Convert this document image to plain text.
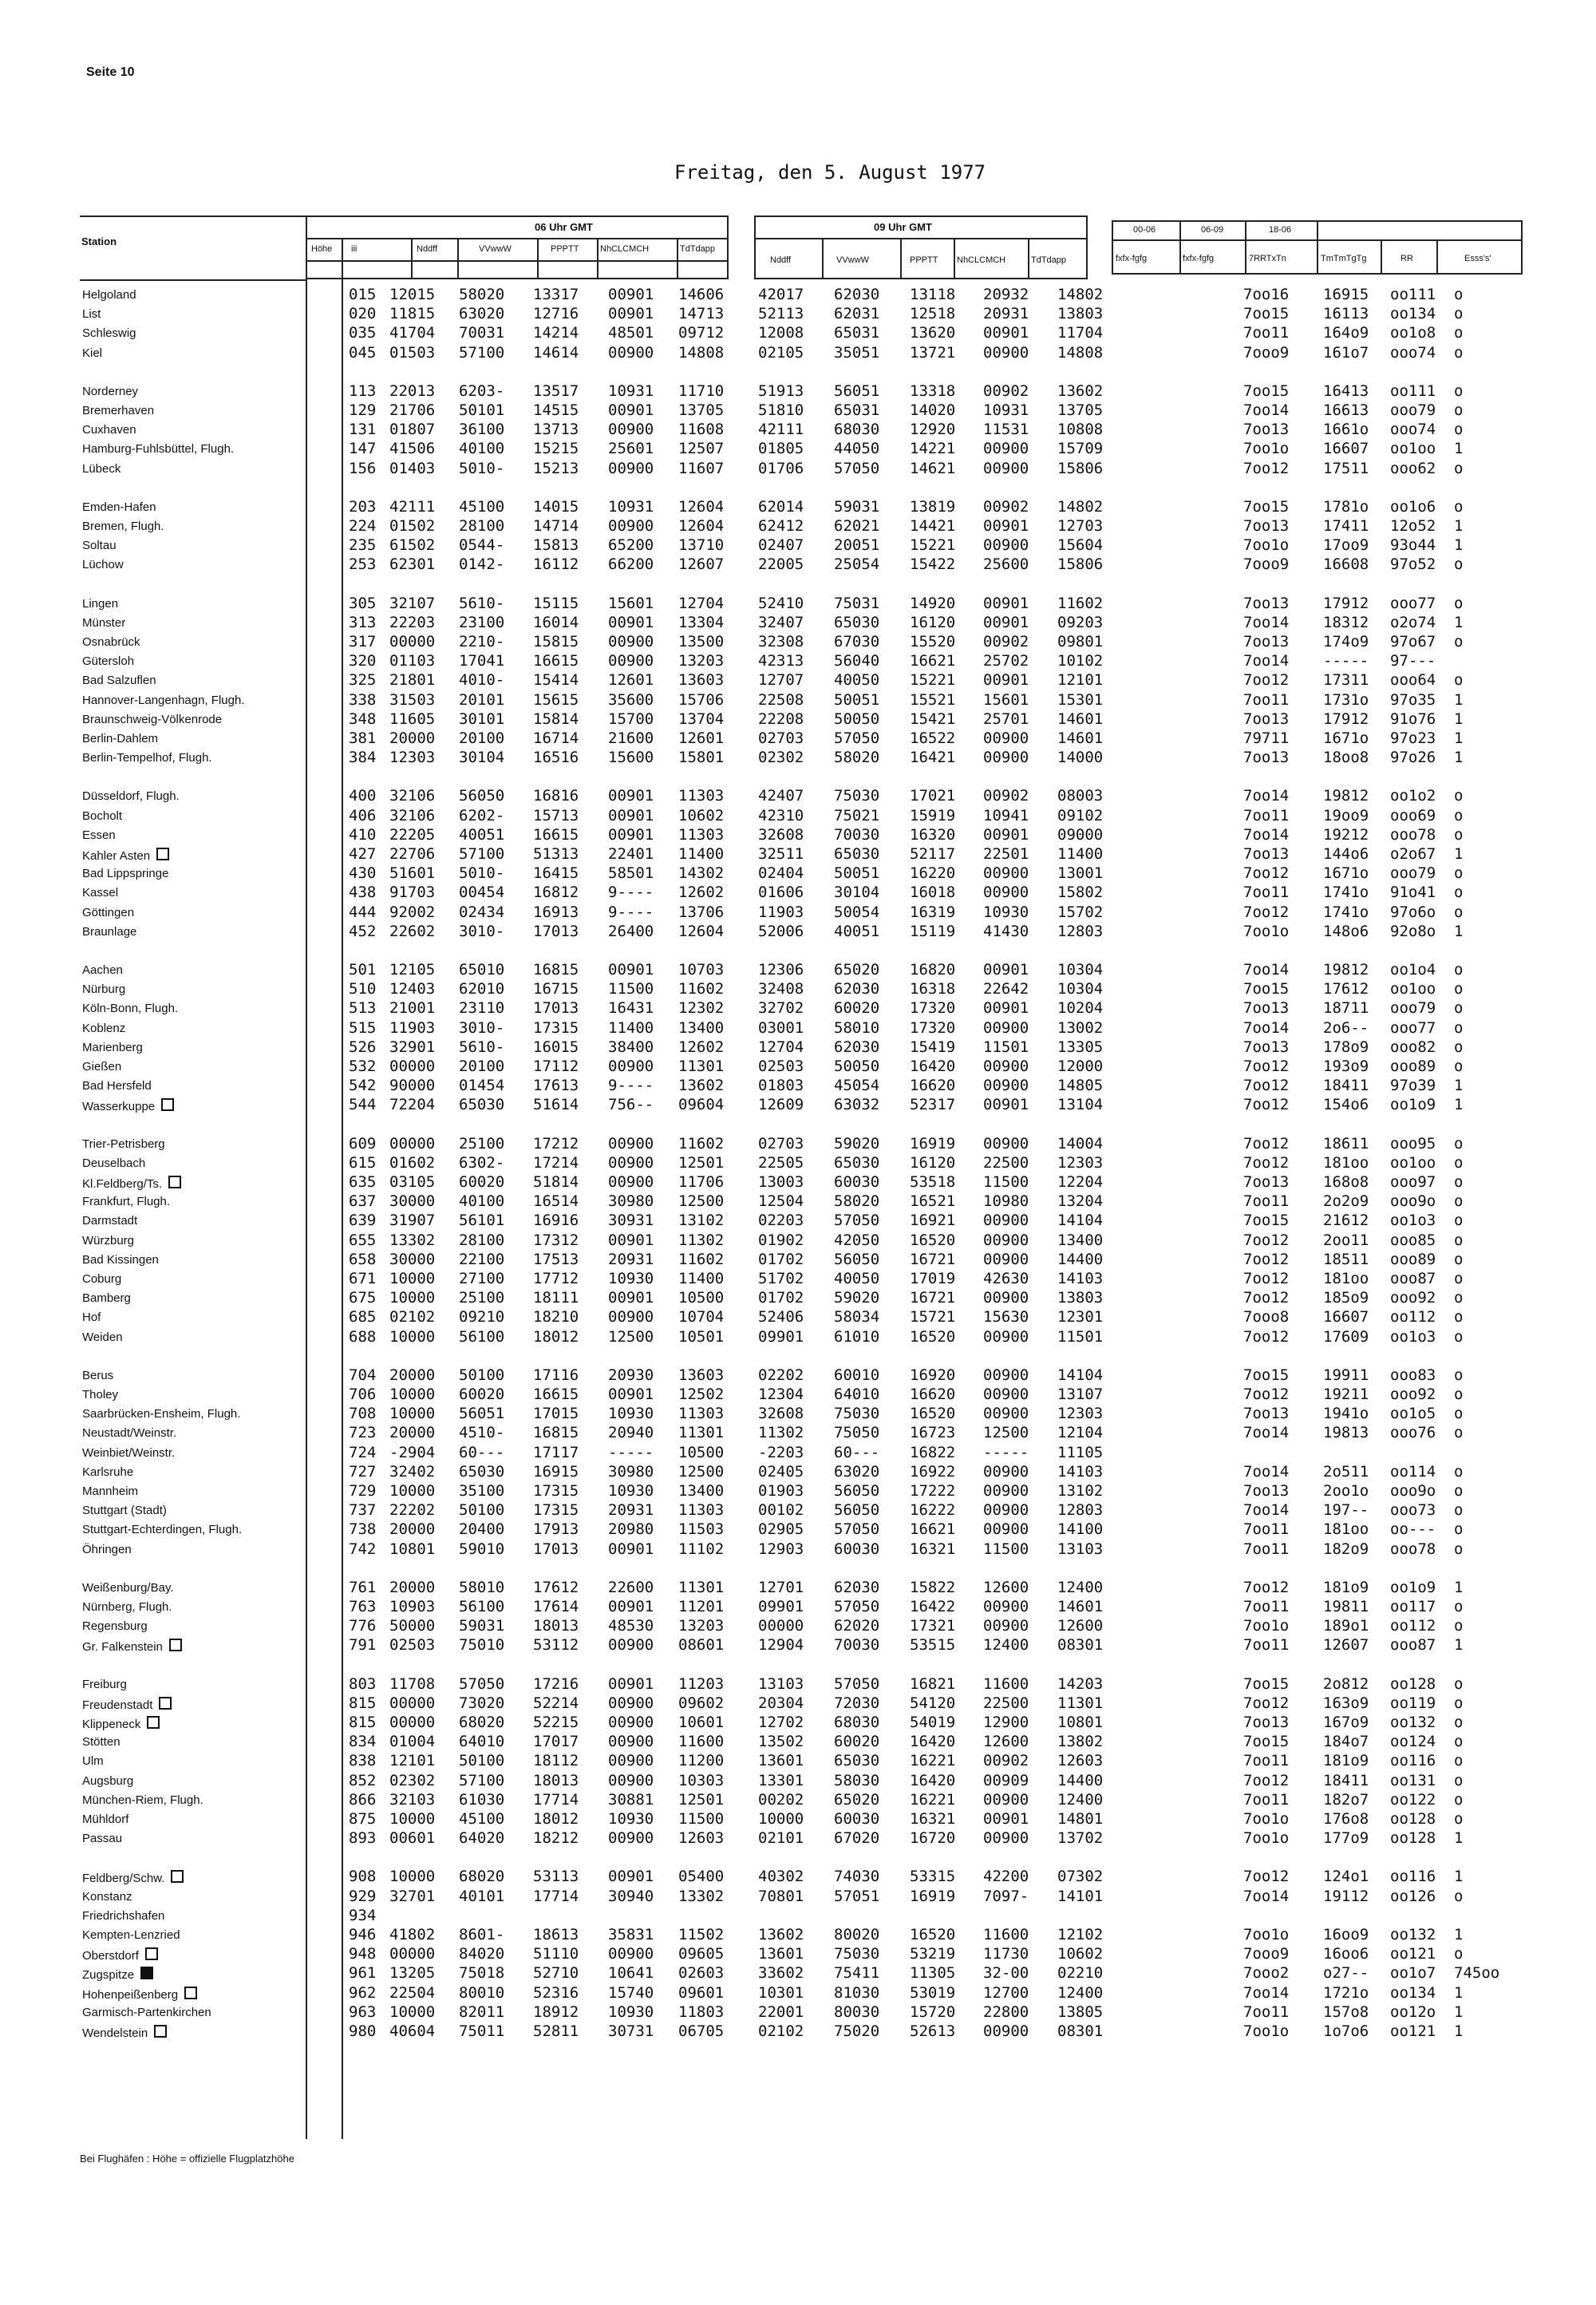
Seite 10
Freitag, den 5. August 1977
Station
06 Uhr GMT
Höhe iii	Nddff	VVwwW	PPPTT NhCLCMCH	TdTdapp
09 Uhr GMT
Nddff	VVwwW	PPPTT NhCLCMCH	TdTdapp
00-06	06-09	18-06
fxfx-fgfg	fxfx-fgfg	7RRTxTn	TmTmTgTg	RR	Esss's'
Helgoland	015 12015 58020 13317 00901 14606 42017 62030 13118 20932 14802	7oo16 16915 oo111 o
List	020 11815 63020 12716 00901 14713 52113 62031 12518 20931 13803	7oo15 16113 oo134 o
Schleswig	035 41704 70031 14214 48501 09712 12008 65031 13620 00901 11704	7oo11 164o9 oo1o8 o
Kiel	045 01503 57100 14614 00900 14808 02105 35051 13721 00900 14808	7ooo9 161o7 ooo74 o
Norderney	113 22013 6203- 13517 10931 11710 51913 56051 13318 00902 13602	7oo15 16413 oo111 o
Bremerhaven	129 21706 50101 14515 00901 13705 51810 65031 14020 10931 13705	7oo14 16613 ooo79 o
Cuxhaven	131 01807 36100 13713 00900 11608 42111 68030 12920 11531 10808	7oo13 1661o ooo74 o
Hamburg-Fuhlsbüttel, Flugh.	147 41506 40100 15215 25601 12507 01805 44050 14221 00900 15709	7oo1o 16607 oo1oo 1
Lübeck	156 01403 5010- 15213 00900 11607 01706 57050 14621 00900 15806	7oo12 17511 ooo62 o
Emden-Hafen	203 42111 45100 14015 10931 12604 62014 59031 13819 00902 14802	7oo15 1781o oo1o6 o
Bremen, Flugh.	224 01502 28100 14714 00900 12604 62412 62021 14421 00901 12703	7oo13 17411 12o52 1
Soltau	235 61502 0544- 15813 65200 13710 02407 20051 15221 00900 15604	7oo1o 17oo9 93o44 1
Lüchow	253 62301 0142- 16112 66200 12607 22005 25054 15422 25600 15806	7ooo9 16608 97o52 o
Lingen	305 32107 5610- 15115 15601 12704 52410 75031 14920 00901 11602	7oo13 17912 ooo77 o
Münster	313 22203 23100 16014 00901 13304 32407 65030 16120 00901 09203	7oo14 18312 o2o74 1
Osnabrück	317 00000 2210- 15815 00900 13500 32308 67030 15520 00902 09801	7oo13 174o9 97o67 o
Gütersloh	320 01103 17041 16615 00900 13203 42313 56040 16621 25702 10102	7oo14 ----- 97---
Bad Salzuflen	325 21801 4010- 15414 12601 13603 12707 40050 15221 00901 12101	7oo12 17311 ooo64 o
Hannover-Langenhagn, Flugh.	338 31503 20101 15615 35600 15706 22508 50051 15521 15601 15301	7oo11 1731o 97o35 1
Braunschweig-Völkenrode	348 11605 30101 15814 15700 13704 22208 50050 15421 25701 14601	7oo13 17912 91o76 1
Berlin-Dahlem	381 20000 20100 16714 21600 12601 02703 57050 16522 00900 14601	79711 1671o 97o23 1
Berlin-Tempelhof, Flugh.	384 12303 30104 16516 15600 15801 02302 58020 16421 00900 14000	7oo13 18oo8 97o26 1
Düsseldorf, Flugh.	400 32106 56050 16816 00901 11303 42407 75030 17021 00902 08003	7oo14 19812 oo1o2 o
Bocholt	406 32106 6202- 15713 00901 10602 42310 75021 15919 10941 09102	7oo11 19oo9 ooo69 o
Essen	410 22205 40051 16615 00901 11303 32608 70030 16320 00901 09000	7oo14 19212 ooo78 o
Kahler Asten	427 22706 57100 51313 22401 11400 32511 65030 52117 22501 11400	7oo13 144o6 o2o67 1
Bad Lippspringe	430 51601 5010- 16415 58501 14302 02404 50051 16220 00900 13001	7oo12 1671o ooo79 o
Kassel	438 91703 00454 16812 9---- 12602 01606 30104 16018 00900 15802	7oo11 1741o 91o41 o
Göttingen	444 92002 02434 16913 9---- 13706 11903 50054 16319 10930 15702	7oo12 1741o 97o6o o
Braunlage	452 22602 3010- 17013 26400 12604 52006 40051 15119 41430 12803	7oo1o 148o6 92o8o 1
Aachen	501 12105 65010 16815 00901 10703 12306 65020 16820 00901 10304	7oo14 19812 oo1o4 o
Nürburg	510 12403 62010 16715 11500 11602 32408 62030 16318 22642 10304	7oo15 17612 oo1oo o
Köln-Bonn, Flugh.	513 21001 23110 17013 16431 12302 32702 60020 17320 00901 10204	7oo13 18711 ooo79 o
Koblenz	515 11903 3010- 17315 11400 13400 03001 58010 17320 00900 13002	7oo14 2o6-- ooo77 o
Marienberg	526 32901 5610- 16015 38400 12602 12704 62030 15419 11501 13305	7oo13 178o9 ooo82 o
Gießen	532 00000 20100 17112 00900 11301 02503 50050 16420 00900 12000	7oo12 193o9 ooo89 o
Bad Hersfeld	542 90000 01454 17613 9---- 13602 01803 45054 16620 00900 14805	7oo12 18411 97o39 1
Wasserkuppe	544 72204 65030 51614 756-- 09604 12609 63032 52317 00901 13104	7oo12 154o6 oo1o9 1
Trier-Petrisberg	609 00000 25100 17212 00900 11602 02703 59020 16919 00900 14004	7oo12 18611 ooo95 o
Deuselbach	615 01602 6302- 17214 00900 12501 22505 65030 16120 22500 12303	7oo12 181oo oo1oo o
Kl.Feldberg/Ts.	635 03105 60020 51814 00900 11706 13003 60030 53518 11500 12204	7oo13 168o8 ooo97 o
Frankfurt, Flugh.	637 30000 40100 16514 30980 12500 12504 58020 16521 10980 13204	7oo11 2o2o9 ooo9o o
Darmstadt	639 31907 56101 16916 30931 13102 02203 57050 16921 00900 14104	7oo15 21612 oo1o3 o
Würzburg	655 13302 28100 17312 00901 11302 01902 42050 16520 00900 13400	7oo12 2oo11 ooo85 o
Bad Kissingen	658 30000 22100 17513 20931 11602 01702 56050 16721 00900 14400	7oo12 18511 ooo89 o
Coburg	671 10000 27100 17712 10930 11400 51702 40050 17019 42630 14103	7oo12 181oo ooo87 o
Bamberg	675 10000 25100 18111 00901 10500 01702 59020 16721 00900 13803	7oo12 185o9 ooo92 o
Hof	685 02102 09210 18210 00900 10704 52406 58034 15721 15630 12301	7ooo8 16607 oo112 o
Weiden	688 10000 56100 18012 12500 10501 09901 61010 16520 00900 11501	7oo12 17609 oo1o3 o
Berus	704 20000 50100 17116 20930 13603 02202 60010 16920 00900 14104	7oo15 19911 ooo83 o
Tholey	706 10000 60020 16615 00901 12502 12304 64010 16620 00900 13107	7oo12 19211 ooo92 o
Saarbrücken-Ensheim, Flugh.	708 10000 56051 17015 10930 11303 32608 75030 16520 00900 12303	7oo13 1941o oo1o5 o
Neustadt/Weinstr.	723 20000 4510- 16815 20940 11301 11302 75050 16723 12500 12104	7oo14 19813 ooo76 o
Weinbiet/Weinstr.	724 -2904 60--- 17117 ----- 10500 -2203 60--- 16822 ----- 11105
Karlsruhe	727 32402 65030 16915 30980 12500 02405 63020 16922 00900 14103	7oo14 2o511 oo114 o
Mannheim	729 10000 35100 17315 10930 13400 01903 56050 17222 00900 13102	7oo13 2oo1o ooo9o o
Stuttgart (Stadt)	737 22202 50100 17315 20931 11303 00102 56050 16222 00900 12803	7oo14 197-- ooo73 o
Stuttgart-Echterdingen, Flugh.	738 20000 20400 17913 20980 11503 02905 57050 16621 00900 14100	7oo11 181oo oo--- o
Öhringen	742 10801 59010 17013 00901 11102 12903 60030 16321 11500 13103	7oo11 182o9 ooo78 o
Weißenburg/Bay.	761 20000 58010 17612 22600 11301 12701 62030 15822 12600 12400	7oo12 181o9 oo1o9 1
Nürnberg, Flugh.	763 10903 56100 17614 00901 11201 09901 57050 16422 00900 14601	7oo11 19811 oo117 o
Regensburg	776 50000 59031 18013 48530 13203 00000 62020 17321 00900 12600	7oo1o 189o1 oo112 o
Gr. Falkenstein	791 02503 75010 53112 00900 08601 12904 70030 53515 12400 08301	7oo11 12607 ooo87 1
Freiburg	803 11708 57050 17216 00901 11203 13103 57050 16821 11600 14203	7oo15 2o812 oo128 o
Freudenstadt	815 00000 73020 52214 00900 09602 20304 72030 54120 22500 11301	7oo12 163o9 oo119 o
Klippeneck	815 00000 68020 52215 00900 10601 12702 68030 54019 12900 10801	7oo13 167o9 oo132 o
Stötten	834 01004 64010 17017 00900 11600 13502 60020 16420 12600 13802	7oo15 184o7 oo124 o
Ulm	838 12101 50100 18112 00900 11200 13601 65030 16221 00902 12603	7oo11 181o9 oo116 o
Augsburg	852 02302 57100 18013 00900 10303 13301 58030 16420 00909 14400	7oo12 18411 oo131 o
München-Riem, Flugh.	866 32103 61030 17714 30881 12501 00202 65020 16221 00900 12400	7oo11 182o7 oo122 o
Mühldorf	875 10000 45100 18012 10930 11500 10000 60030 16321 00901 14801	7oo1o 176o8 oo128 o
Passau	893 00601 64020 18212 00900 12603 02101 67020 16720 00900 13702	7oo1o 177o9 oo128 1
Feldberg/Schw.	908 10000 68020 53113 00901 05400 40302 74030 53315 42200 07302	7oo12 124o1 oo116 1
Konstanz	929 32701 40101 17714 30940 13302 70801 57051 16919 7097- 14101	7oo14 19112 oo126 o
Friedrichshafen	934
Kempten-Lenzried	946 41802 8601- 18613 35831 11502 13602 80020 16520 11600 12102	7oo1o 16oo9 oo132 1
Oberstdorf	948 00000 84020 51110 00900 09605 13601 75030 53219 11730 10602	7ooo9 16oo6 oo121 o
Zugspitze	961 13205 75018 52710 10641 02603 33602 75411 11305 32-00 02210	7ooo2 o27-- oo1o7 745oo
Hohenpeißenberg	962 22504 80010 52316 15740 09601 10301 81030 53019 12700 12400	7oo14 1721o oo134 1
Garmisch-Partenkirchen	963 10000 82011 18912 10930 11803 22001 80030 15720 22800 13805	7oo11 157o8 oo12o 1
Wendelstein	980 40604 75011 52811 30731 06705 02102 75020 52613 00900 08301	7oo1o 1o7o6 oo121 1
Bei Flughäfen : Höhe = offizielle Flugplatzhöhe
